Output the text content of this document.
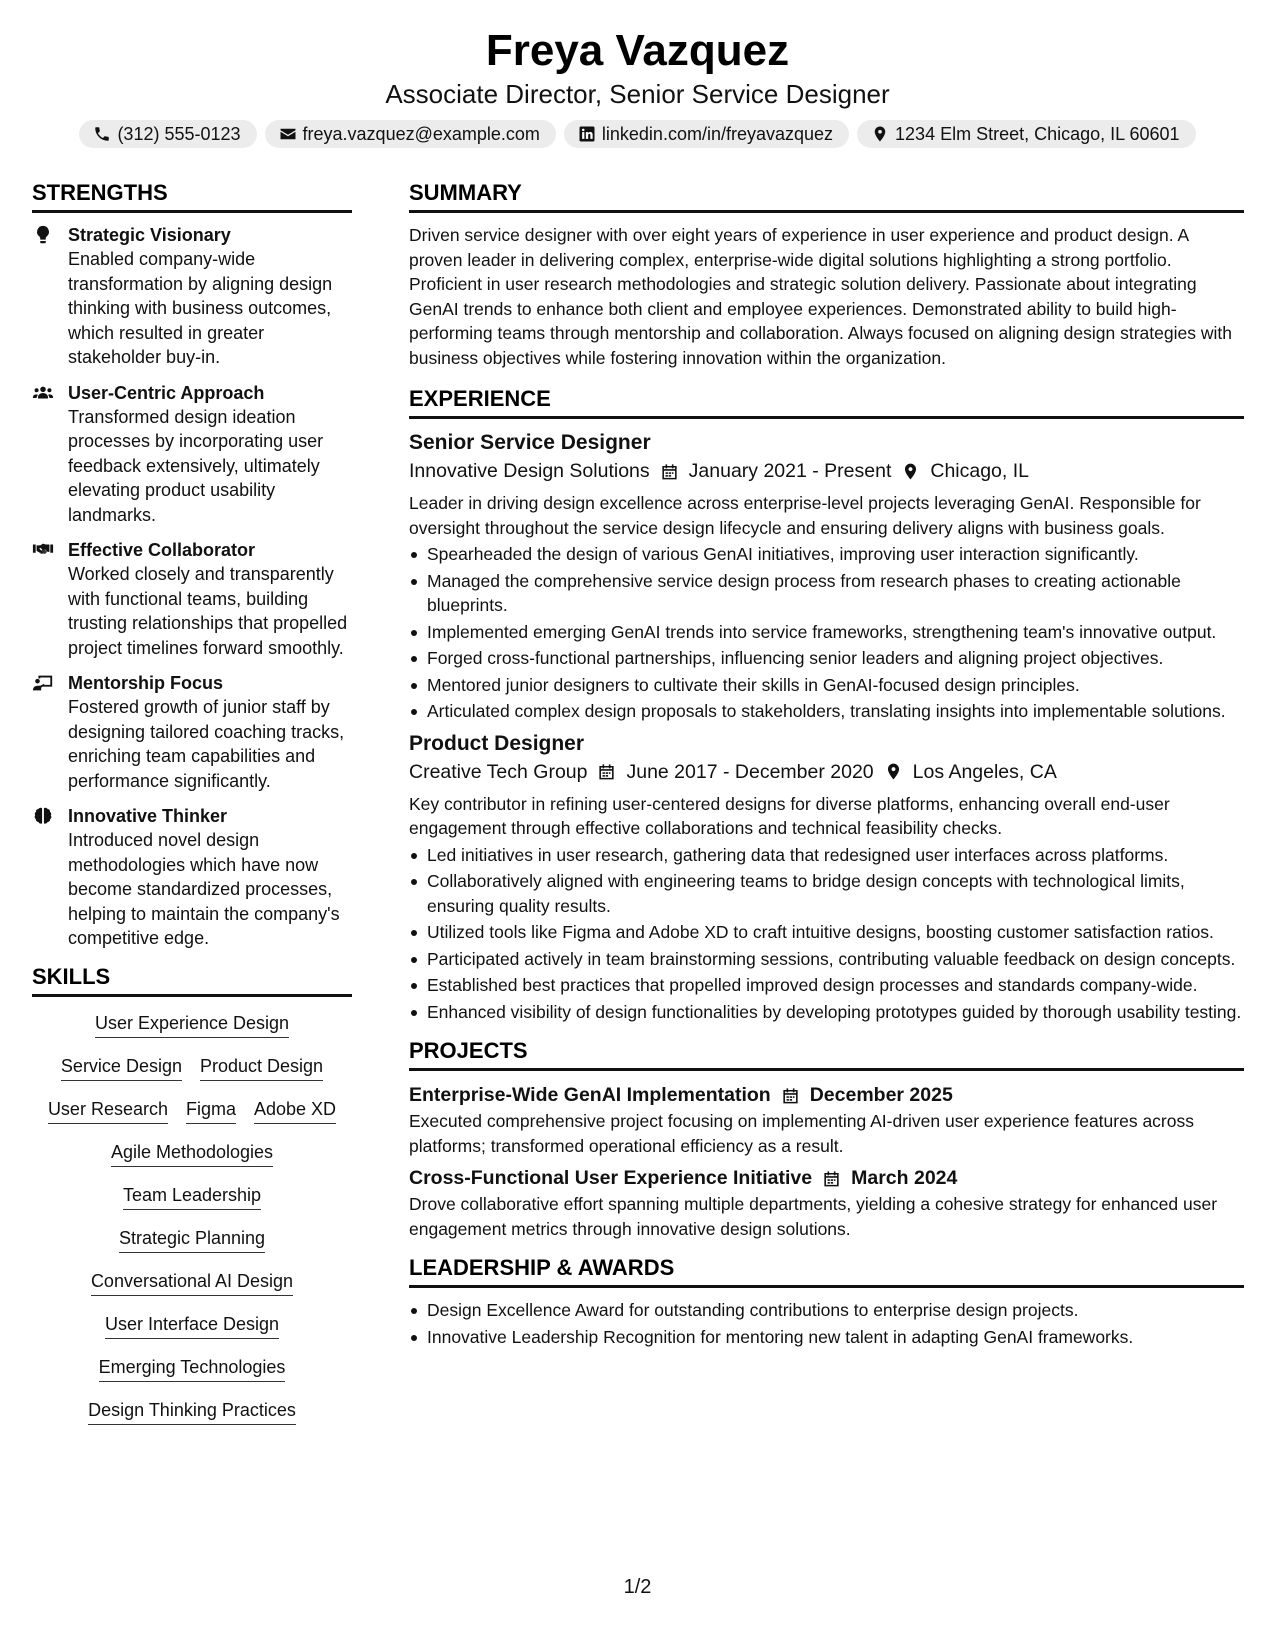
Freya Vazquez
Associate Director, Senior Service Designer
(312) 555-0123	freya.vazquez@example.com	linkedin.com/in/freyavazquez	1234 Elm Street, Chicago, IL 60601
STRENGTHS
Strategic Visionary
Enabled company-wide transformation by aligning design thinking with business outcomes, which resulted in greater stakeholder buy-in.
User-Centric Approach
Transformed design ideation processes by incorporating user feedback extensively, ultimately elevating product usability landmarks.
Effective Collaborator
Worked closely and transparently with functional teams, building trusting relationships that propelled project timelines forward smoothly.
Mentorship Focus
Fostered growth of junior staff by designing tailored coaching tracks, enriching team capabilities and performance significantly.
Innovative Thinker
Introduced novel design methodologies which have now become standardized processes, helping to maintain the company's competitive edge.
SKILLS
User Experience Design
Service Design Product Design
User Research Figma Adobe XD
Agile Methodologies
Team Leadership
Strategic Planning
Conversational AI Design
User Interface Design
Emerging Technologies
Design Thinking Practices
SUMMARY
Driven service designer with over eight years of experience in user experience and product design. A proven leader in delivering complex, enterprise-wide digital solutions highlighting a strong portfolio. Proficient in user research methodologies and strategic solution delivery. Passionate about integrating GenAI trends to enhance both client and employee experiences. Demonstrated ability to build high-performing teams through mentorship and collaboration. Always focused on aligning design strategies with business objectives while fostering innovation within the organization.
EXPERIENCE
Senior Service Designer
Innovative Design Solutions January 2021 - Present Chicago, IL
Leader in driving design excellence across enterprise-level projects leveraging GenAI. Responsible for oversight throughout the service design lifecycle and ensuring delivery aligns with business goals.
Spearheaded the design of various GenAI initiatives, improving user interaction significantly.
Managed the comprehensive service design process from research phases to creating actionable blueprints.
Implemented emerging GenAI trends into service frameworks, strengthening team's innovative output.
Forged cross-functional partnerships, influencing senior leaders and aligning project objectives.
Mentored junior designers to cultivate their skills in GenAI-focused design principles.
Articulated complex design proposals to stakeholders, translating insights into implementable solutions.
Product Designer
Creative Tech Group June 2017 - December 2020 Los Angeles, CA
Key contributor in refining user-centered designs for diverse platforms, enhancing overall end-user engagement through effective collaborations and technical feasibility checks.
Led initiatives in user research, gathering data that redesigned user interfaces across platforms.
Collaboratively aligned with engineering teams to bridge design concepts with technological limits, ensuring quality results.
Utilized tools like Figma and Adobe XD to craft intuitive designs, boosting customer satisfaction ratios.
Participated actively in team brainstorming sessions, contributing valuable feedback on design concepts.
Established best practices that propelled improved design processes and standards company-wide.
Enhanced visibility of design functionalities by developing prototypes guided by thorough usability testing.
PROJECTS
Enterprise-Wide GenAI Implementation December 2025
Executed comprehensive project focusing on implementing AI-driven user experience features across platforms; transformed operational efficiency as a result.
Cross-Functional User Experience Initiative March 2024
Drove collaborative effort spanning multiple departments, yielding a cohesive strategy for enhanced user engagement metrics through innovative design solutions.
LEADERSHIP & AWARDS
Design Excellence Award for outstanding contributions to enterprise design projects.
Innovative Leadership Recognition for mentoring new talent in adapting GenAI frameworks.
1/2
